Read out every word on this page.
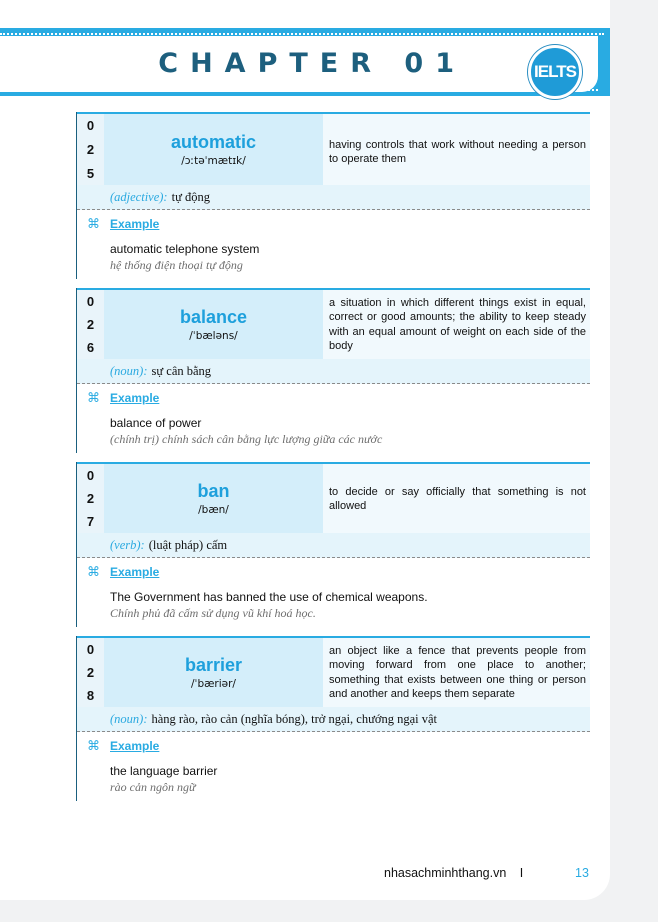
CHAPTER 01	IELTS
0
2
5
automatic
/ɔːtəˈmætɪk/
having controls that work without needing a person to operate them
(adjective): tự động
⌘ Example
automatic telephone system
hệ thống điện thoại tự động
0
2
6
balance
/ˈbæləns/
a situation in which different things exist in equal, correct or good amounts; the ability to keep steady with an equal amount of weight on each side of the body
(noun): sự cân bằng
⌘ Example
balance of power
(chính trị) chính sách cân bằng lực lượng giữa các nước
0
2
7
ban
/bæn/
to decide or say officially that something is not allowed
(verb): (luật pháp) cấm
⌘ Example
The Government has banned the use of chemical weapons.
Chính phủ đã cấm sử dụng vũ khí hoá học.
0
2
8
barrier
/ˈbæriər/
an object like a fence that prevents people from moving forward from one place to another; something that exists between one thing or person and another and keeps them separate
(noun): hàng rào, rào cản (nghĩa bóng), trở ngại, chướng ngại vật
⌘ Example
the language barrier
rào cản ngôn ngữ
nhasachminhthang.vn I	13
